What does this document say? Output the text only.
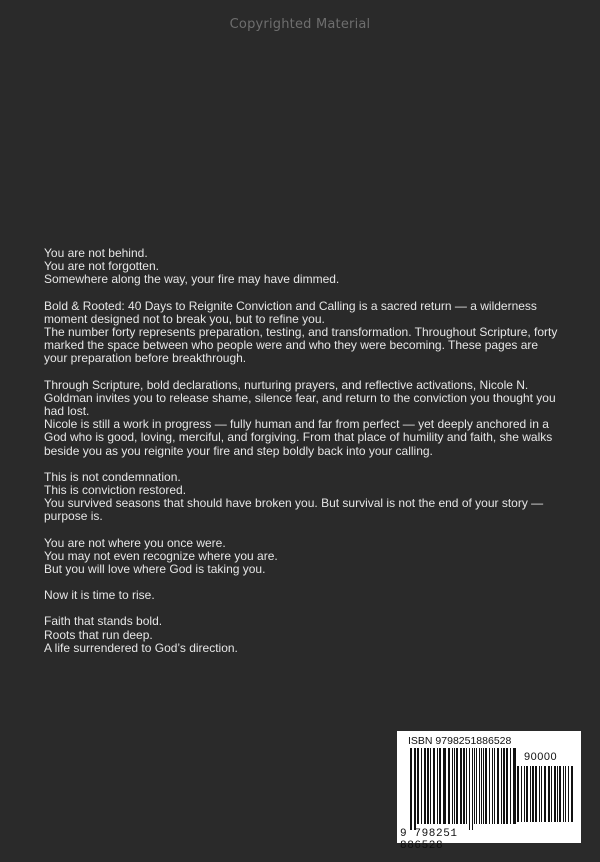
Copyrighted Material

You are not behind.
You are not forgotten.
Somewhere along the way, your fire may have dimmed.

Bold & Rooted: 40 Days to Reignite Conviction and Calling is a sacred return — a wilderness moment designed not to break you, but to refine you.
The number forty represents preparation, testing, and transformation. Throughout Scripture, forty marked the space between who people were and who they were becoming. These pages are your preparation before breakthrough.

Through Scripture, bold declarations, nurturing prayers, and reflective activations, Nicole N. Goldman invites you to release shame, silence fear, and return to the conviction you thought you had lost.
Nicole is still a work in progress — fully human and far from perfect — yet deeply anchored in a God who is good, loving, merciful, and forgiving. From that place of humility and faith, she walks beside you as you reignite your fire and step boldly back into your calling.

This is not condemnation.
This is conviction restored.
You survived seasons that should have broken you. But survival is not the end of your story — purpose is.

You are not where you once were.
You may not even recognize where you are.
But you will love where God is taking you.

Now it is time to rise.

Faith that stands bold.
Roots that run deep.
A life surrendered to God’s direction.

ISBN 9798251886528
90000
9 798251 886528
